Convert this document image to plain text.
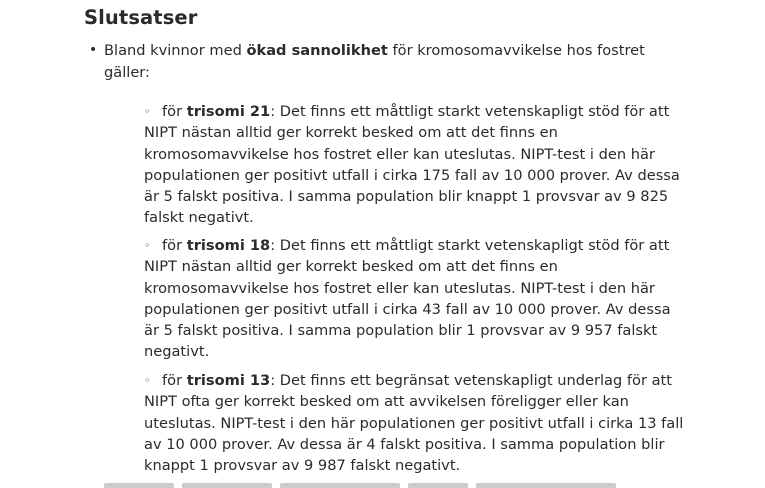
Slutsatser
• Bland kvinnor med ökad sannolikhet för kromosomavvikelse hos fostret gäller:
◦ för trisomi 21: Det finns ett måttligt starkt vetenskapligt stöd för att NIPT nästan alltid ger korrekt besked om att det finns en kromosomavvikelse hos fostret eller kan uteslutas. NIPT-test i den här populationen ger positivt utfall i cirka 175 fall av 10 000 prover. Av dessa är 5 falskt positiva. I samma population blir knappt 1 provsvar av 9 825 falskt negativt.
◦ för trisomi 18: Det finns ett måttligt starkt vetenskapligt stöd för att NIPT nästan alltid ger korrekt besked om att det finns en kromosomavvikelse hos fostret eller kan uteslutas. NIPT-test i den här populationen ger positivt utfall i cirka 43 fall av 10 000 prover. Av dessa är 5 falskt positiva. I samma population blir 1 provsvar av 9 957 falskt negativt.
◦ för trisomi 13: Det finns ett begränsat vetenskapligt underlag för att NIPT ofta ger korrekt besked om att avvikelsen föreligger eller kan uteslutas. NIPT-test i den här populationen ger positivt utfall i cirka 13 fall av 10 000 prover. Av dessa är 4 falskt positiva. I samma population blir knappt 1 provsvar av 9 987 falskt negativt.
